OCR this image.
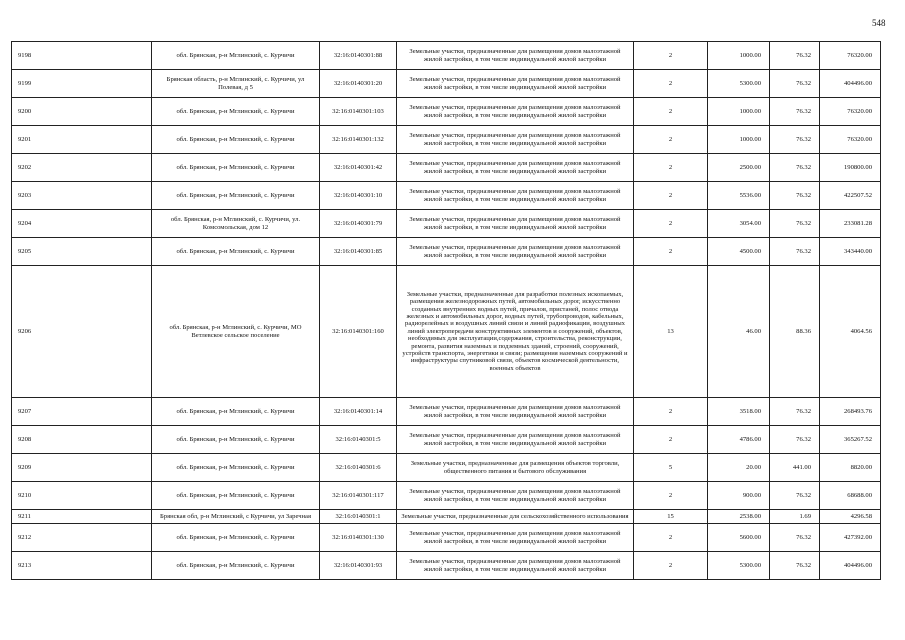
548
9198	обл. Брянская, р-н Мглинский, с. Курчичи	32:16:0140301:88	Земельные участки, предназначенные для размещения домов малоэтажной жилой застройки, в том числе индивидуальной жилой застройки	2	1000.00	76.32	76320.00
9199	Брянская область, р-н Мглинский, с. Курчичи, ул Полевая, д 5	32:16:0140301:20	Земельные участки, предназначенные для размещения домов малоэтажной жилой застройки, в том числе индивидуальной жилой застройки	2	5300.00	76.32	404496.00
9200	обл. Брянская, р-н Мглинский, с. Курчичи	32:16:0140301:103	Земельные участки, предназначенные для размещения домов малоэтажной жилой застройки, в том числе индивидуальной жилой застройки	2	1000.00	76.32	76320.00
9201	обл. Брянская, р-н Мглинский, с. Курчичи	32:16:0140301:132	Земельные участки, предназначенные для размещения домов малоэтажной жилой застройки, в том числе индивидуальной жилой застройки	2	1000.00	76.32	76320.00
9202	обл. Брянская, р-н Мглинский, с. Курчичи	32:16:0140301:42	Земельные участки, предназначенные для размещения домов малоэтажной жилой застройки, в том числе индивидуальной жилой застройки	2	2500.00	76.32	190800.00
9203	обл. Брянская, р-н Мглинский, с. Курчичи	32:16:0140301:10	Земельные участки, предназначенные для размещения домов малоэтажной жилой застройки, в том числе индивидуальной жилой застройки	2	5536.00	76.32	422507.52
9204	обл. Брянская, р-н Мглинский, с. Курчичи, ул. Комсомольская, дом 12	32:16:0140301:79	Земельные участки, предназначенные для размещения домов малоэтажной жилой застройки, в том числе индивидуальной жилой застройки	2	3054.00	76.32	233081.28
9205	обл. Брянская, р-н Мглинский, с. Курчичи	32:16:0140301:85	Земельные участки, предназначенные для размещения домов малоэтажной жилой застройки, в том числе индивидуальной жилой застройки	2	4500.00	76.32	343440.00
9206	обл. Брянская, р-н Мглинский, с. Курчичи, МО Ветлевское сельское поселение	32:16:0140301:160	Земельные участки, предназначенные для разработки полезных ископаемых, размещения железнодорожных путей, автомобильных дорог, искусственно созданных внутренних водных путей, причалов, пристаней, полос отвода железных и автомобильных дорог, водных путей, трубопроводов, кабельных, радиорелейных и воздушных линий связи и линий радиофикации, воздушных линий электропередачи конструктивных элементов и сооружений, объектов, необходимых для эксплуатации,содержания, строительства, реконструкции, ремонта, развития наземных и подземных зданий, строений, сооружений, устройств транспорта, энергетики и связи; размещения наземных сооружений и инфраструктуры спутниковой связи, объектов космической деятельности, военных объектов	13	46.00	88.36	4064.56
9207	обл. Брянская, р-н Мглинский, с. Курчичи	32:16:0140301:14	Земельные участки, предназначенные для размещения домов малоэтажной жилой застройки, в том числе индивидуальной жилой застройки	2	3518.00	76.32	268493.76
9208	обл. Брянская, р-н Мглинский, с. Курчичи	32:16:0140301:5	Земельные участки, предназначенные для размещения домов малоэтажной жилой застройки, в том числе индивидуальной жилой застройки	2	4786.00	76.32	365267.52
9209	обл. Брянская, р-н Мглинский, с. Курчичи	32:16:0140301:6	Земельные участки, предназначенные для размещения объектов торговли, общественного питания и бытового обслуживания	5	20.00	441.00	8820.00
9210	обл. Брянская, р-н Мглинский, с. Курчичи	32:16:0140301:117	Земельные участки, предназначенные для размещения домов малоэтажной жилой застройки, в том числе индивидуальной жилой застройки	2	900.00	76.32	68688.00
9211	Брянская обл, р-н Мглинский, с Курчичи, ул Заречная	32:16:0140301:1	Земельные участки, предназначенные для сельскохозяйственного использования	15	2538.00	1.69	4296.58
9212	обл. Брянская, р-н Мглинский, с. Курчичи	32:16:0140301:130	Земельные участки, предназначенные для размещения домов малоэтажной жилой застройки, в том числе индивидуальной жилой застройки	2	5600.00	76.32	427392.00
9213	обл. Брянская, р-н Мглинский, с. Курчичи	32:16:0140301:93	Земельные участки, предназначенные для размещения домов малоэтажной жилой застройки, в том числе индивидуальной жилой застройки	2	5300.00	76.32	404496.00
